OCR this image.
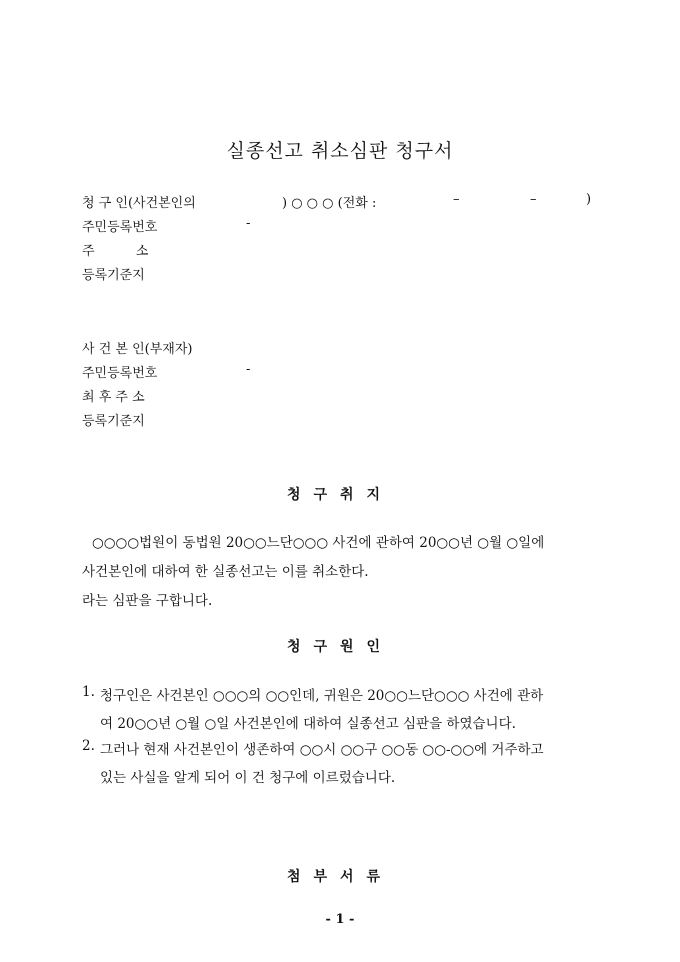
실종선고 취소심판 청구서
청 구 인(사건본인의	) ○ ○ ○ (전화 :	–	–	)
주민등록번호	-
주          소
등록기준지
사 건 본 인(부재자)
주민등록번호	-
최 후 주 소
등록기준지
청구취지
○○○○법원이 동법원 20○○느단○○○ 사건에 관하여 20○○년 ○월 ○일에
사건본인에 대하여 한 실종선고는 이를 취소한다.
라는 심판을 구합니다.
청구원인
1. 청구인은 사건본인 ○○○의 ○○인데, 귀원은 20○○느단○○○ 사건에 관하
여 20○○년 ○월 ○일 사건본인에 대하여 실종선고 심판을 하였습니다.
2. 그러나 현재 사건본인이 생존하여 ○○시 ○○구 ○○동 ○○-○○에 거주하고
있는 사실을 알게 되어 이 건 청구에 이르렀습니다.
첨부서류
- 1 -
